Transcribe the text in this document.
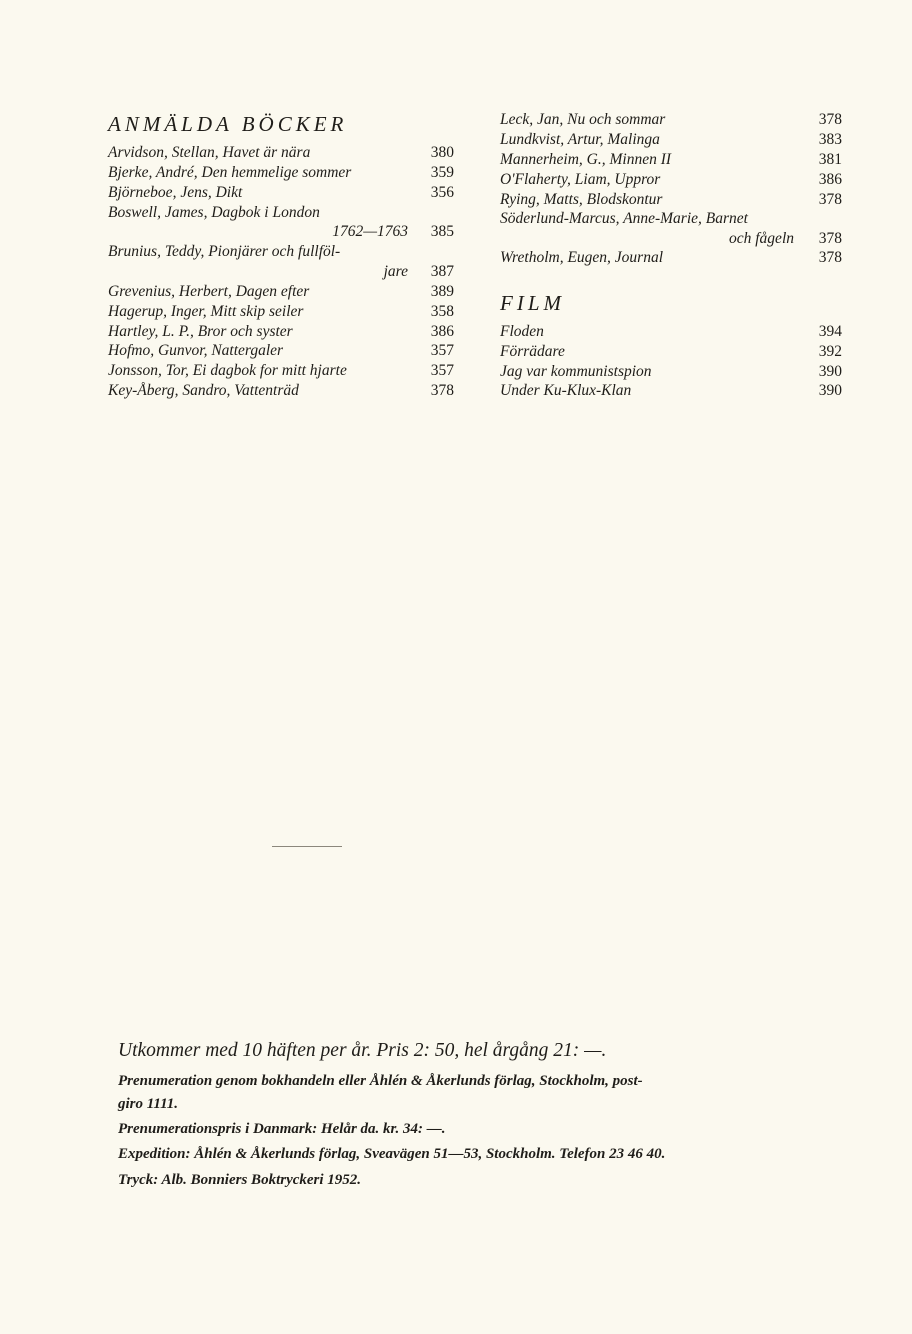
ANMÄLDA BÖCKER
Arvidson, Stellan, Havet är nära	380
Bjerke, André, Den hemmelige sommer	359
Björneboe, Jens, Dikt	356
Boswell, James, Dagbok i London
1762—1763 385
Brunius, Teddy, Pionjärer och fullföl-
jare 387
Grevenius, Herbert, Dagen efter	389
Hagerup, Inger, Mitt skip seiler	358
Hartley, L. P., Bror och syster	386
Hofmo, Gunvor, Nattergaler	357
Jonsson, Tor, Ei dagbok for mitt hjarte	357
Key-Åberg, Sandro, Vattenträd	378
Leck, Jan, Nu och sommar	378
Lundkvist, Artur, Malinga	383
Mannerheim, G., Minnen II	381
O'Flaherty, Liam, Uppror	386
Rying, Matts, Blodskontur	378
Söderlund-Marcus, Anne-Marie, Barnet
och fågeln 378
Wretholm, Eugen, Journal	378
FILM
Floden	394
Förrädare	392
Jag var kommunistspion	390
Under Ku-Klux-Klan	390
Utkommer med 10 häften per år. Pris 2: 50, hel årgång 21: —.
Prenumeration genom bokhandeln eller Åhlén & Åkerlunds förlag, Stockholm, post-
giro 1111.
Prenumerationspris i Danmark: Helår da. kr. 34: —.
Expedition: Åhlén & Åkerlunds förlag, Sveavägen 51—53, Stockholm. Telefon 23 46 40.
Tryck: Alb. Bonniers Boktryckeri 1952.
